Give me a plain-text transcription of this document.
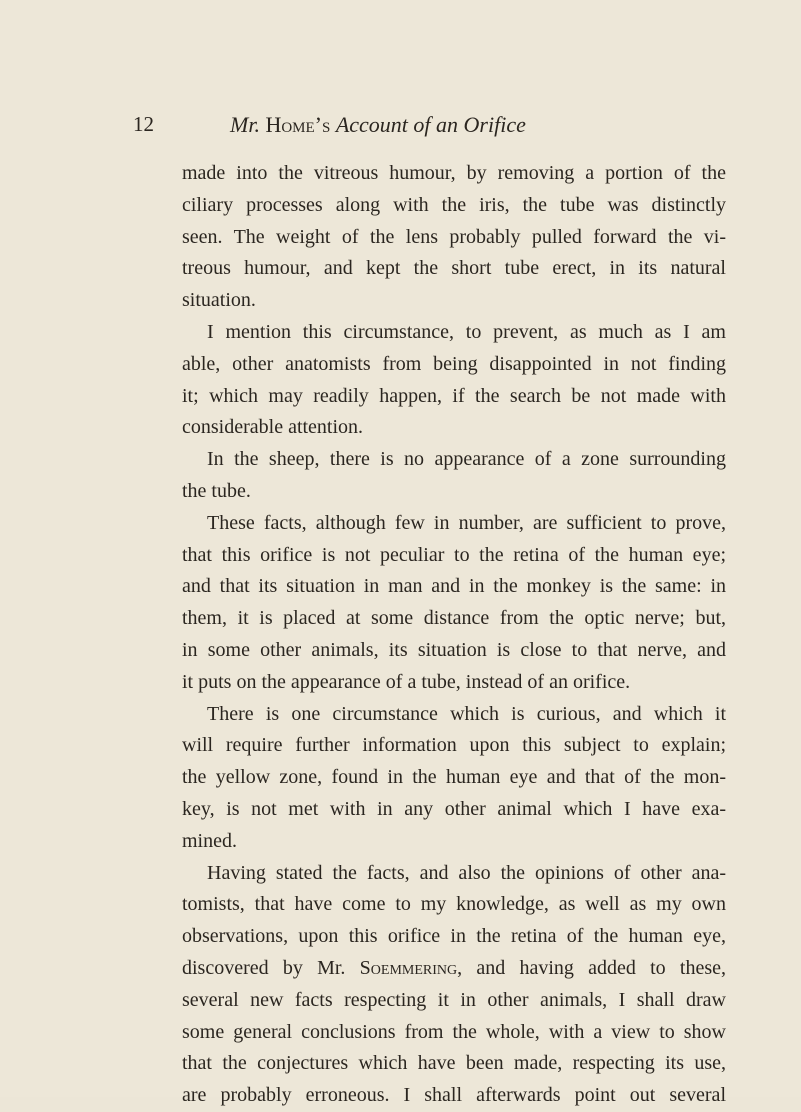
12	Mr. Home’s Account of an Orifice
made into the vitreous humour, by removing a portion of the
ciliary processes along with the iris, the tube was distinctly
seen. The weight of the lens probably pulled forward the vi-
treous humour, and kept the short tube erect, in its natural
situation.
I mention this circumstance, to prevent, as much as I am
able, other anatomists from being disappointed in not finding
it; which may readily happen, if the search be not made with
considerable attention.
In the sheep, there is no appearance of a zone surrounding
the tube.
These facts, although few in number, are sufficient to prove,
that this orifice is not peculiar to the retina of the human eye;
and that its situation in man and in the monkey is the same: in
them, it is placed at some distance from the optic nerve; but,
in some other animals, its situation is close to that nerve, and
it puts on the appearance of a tube, instead of an orifice.
There is one circumstance which is curious, and which it
will require further information upon this subject to explain;
the yellow zone, found in the human eye and that of the mon-
key, is not met with in any other animal which I have exa-
mined.
Having stated the facts, and also the opinions of other ana-
tomists, that have come to my knowledge, as well as my own
observations, upon this orifice in the retina of the human eye,
discovered by Mr. Soemmering, and having added to these,
several new facts respecting it in other animals, I shall draw
some general conclusions from the whole, with a view to show
that the conjectures which have been made, respecting its use,
are probably erroneous. I shall afterwards point out several
